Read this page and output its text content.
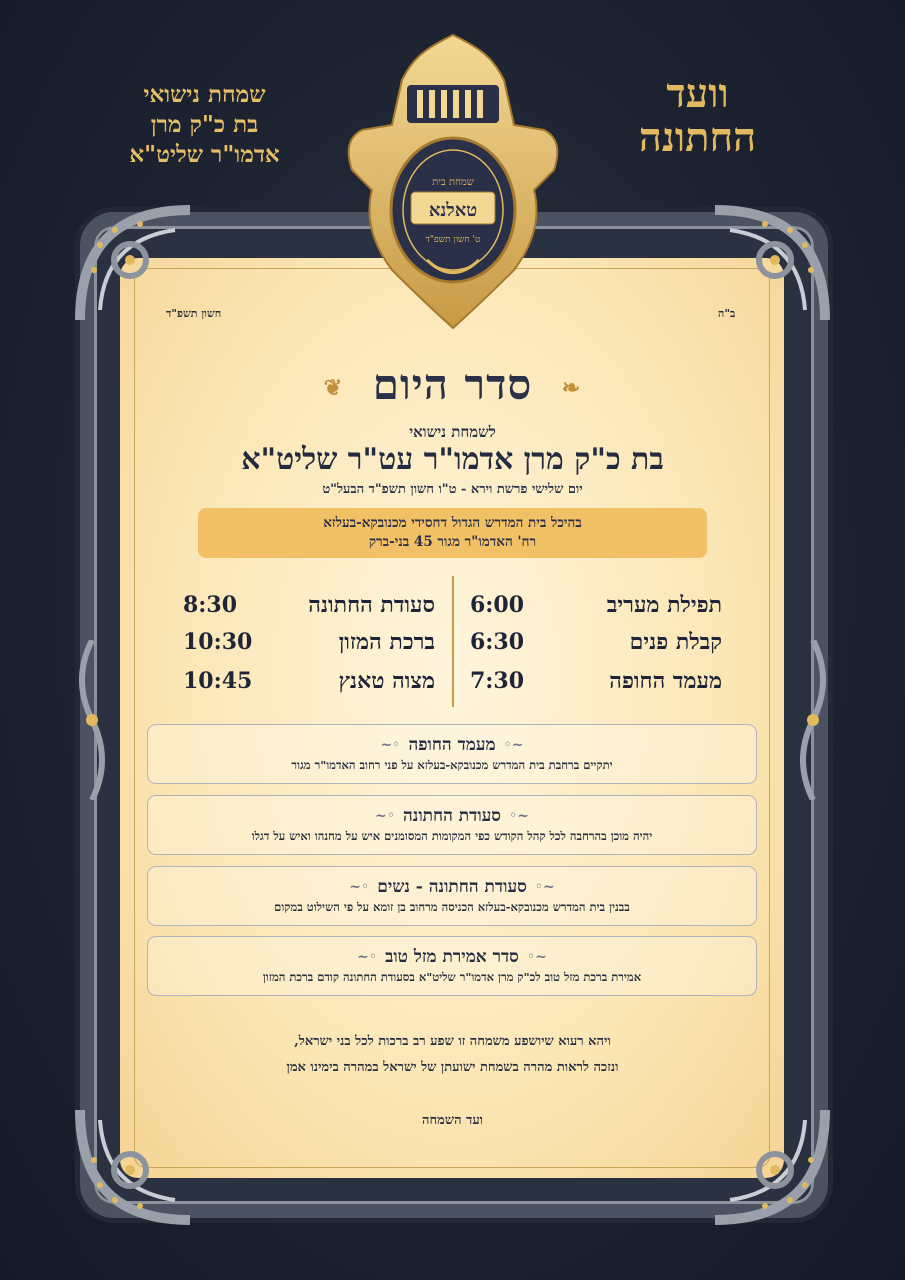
שמחת נישואי
בת כ"ק מרן
אדמו"ר שליט"א
וועד
החתונה
שמחת בית
טאלנא
ט' חשון תשפ"ד
חשון תשפ"ד	ב"ה
❦ סדר היום ❧
לשמחת נישואי
בת כ"ק מרן אדמו"ר עט"ר שליט"א
יום שלישי פרשת וירא - ט"ו חשון תשפ"ד הבעל"ט
בהיכל בית המדרש הגדול דחסידי מכנובקא-בעלזא
רח' האדמו"ר מגור 45 בני-ברק
תפילת מעריב
6:00
קבלת פנים
6:30
מעמד החופה
7:30
סעודת החתונה
8:30
ברכת המזון
10:30
מצוה טאנץ
10:45
~◦
מעמד החופה
◦~
יתקיים ברחבת בית המדרש מכנובקא-בעלזא על פני רחוב האדמו"ר מגור
~◦
סעודת החתונה
◦~
יהיה מוכן בהרחבה לכל קהל הקודש כפי המקומות המסומנים איש על מחנהו ואיש על דגלו
~◦
סעודת החתונה - נשים
◦~
בבנין בית המדרש מכנובקא-בעלזא הכניסה מרחוב בן זומא על פי השילוט במקום
~◦
סדר אמירת מזל טוב
◦~
אמירת ברכת מזל טוב לכ"ק מרן אדמו"ר שליט"א בסעודת החתונה קודם ברכת המזון
ויהא רעוא שיושפע משמחה זו שפע רב ברכות לכל בני ישראל,
ונזכה לראות מהרה בשמחת ישועתן של ישראל במהרה בימינו אמן
ועד השמחה
